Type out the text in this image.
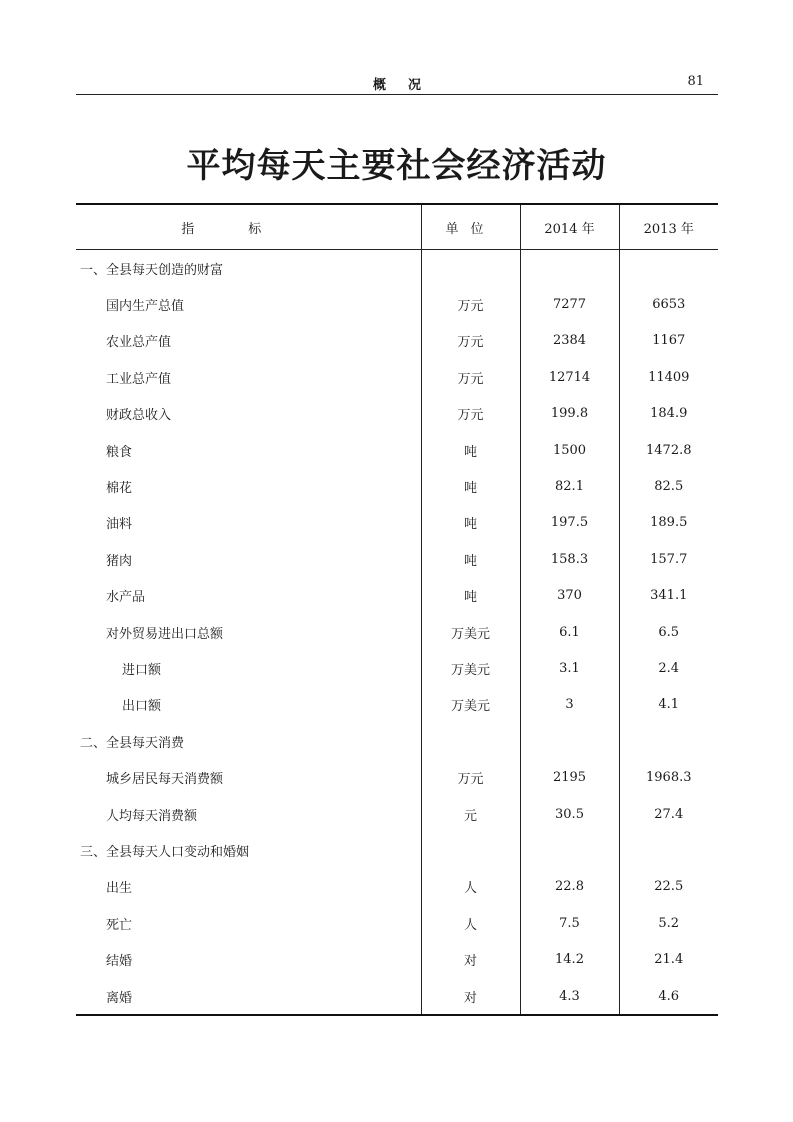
概况	81
平均每天主要社会经济活动
指标	单位	2014 年	2013 年
一、全县每天创造的财富			
国内生产总值	万元	7277	6653
农业总产值	万元	2384	1167
工业总产值	万元	12714	11409
财政总收入	万元	199.8	184.9
粮食	吨	1500	1472.8
棉花	吨	82.1	82.5
油料	吨	197.5	189.5
猪肉	吨	158.3	157.7
水产品	吨	370	341.1
对外贸易进出口总额	万美元	6.1	6.5
进口额	万美元	3.1	2.4
出口额	万美元	3	4.1
二、全县每天消费			
城乡居民每天消费额	万元	2195	1968.3
人均每天消费额	元	30.5	27.4
三、全县每天人口变动和婚姻			
出生	人	22.8	22.5
死亡	人	7.5	5.2
结婚	对	14.2	21.4
离婚	对	4.3	4.6
